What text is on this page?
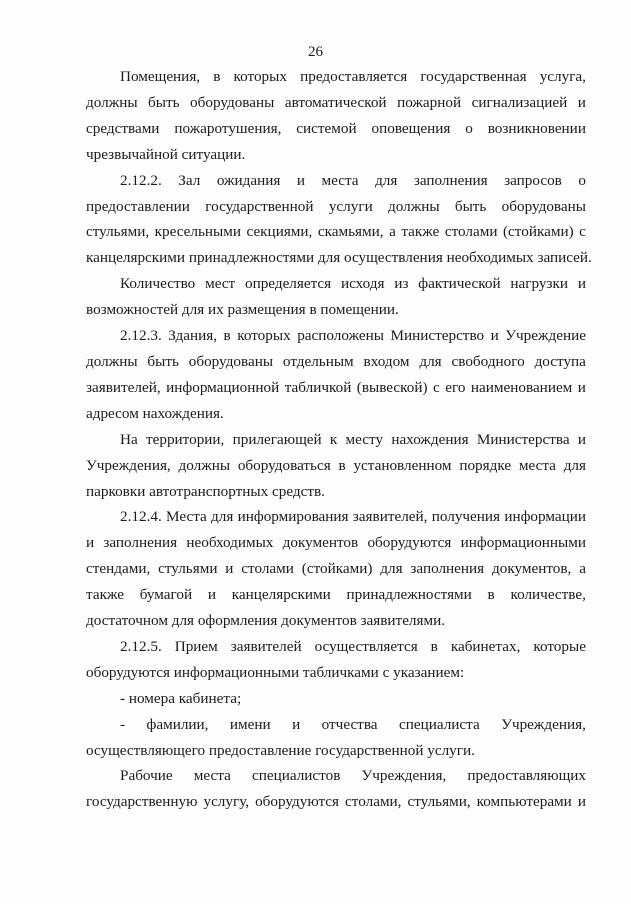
26
Помещения, в которых предоставляется государственная услуга,
должны быть оборудованы автоматической пожарной сигнализацией и
средствами пожаротушения, системой оповещения о возникновении
чрезвычайной ситуации.
2.12.2. Зал ожидания и места для заполнения запросов о
предоставлении государственной услуги должны быть оборудованы
стульями, кресельными секциями, скамьями, а также столами (стойками) с
канцелярскими принадлежностями для осуществления необходимых записей.
Количество мест определяется исходя из фактической нагрузки и
возможностей для их размещения в помещении.
2.12.3. Здания, в которых расположены Министерство и Учреждение
должны быть оборудованы отдельным входом для свободного доступа
заявителей, информационной табличкой (вывеской) с его наименованием и
адресом нахождения.
На территории, прилегающей к месту нахождения Министерства и
Учреждения, должны оборудоваться в установленном порядке места для
парковки автотранспортных средств.
2.12.4. Места для информирования заявителей, получения информации
и заполнения необходимых документов оборудуются информационными
стендами, стульями и столами (стойками) для заполнения документов, а
также бумагой и канцелярскими принадлежностями в количестве,
достаточном для оформления документов заявителями.
2.12.5. Прием заявителей осуществляется в кабинетах, которые
оборудуются информационными табличками с указанием:
- номера кабинета;
- фамилии, имени и отчества специалиста Учреждения,
осуществляющего предоставление государственной услуги.
Рабочие места специалистов Учреждения, предоставляющих
государственную услугу, оборудуются столами, стульями, компьютерами и
